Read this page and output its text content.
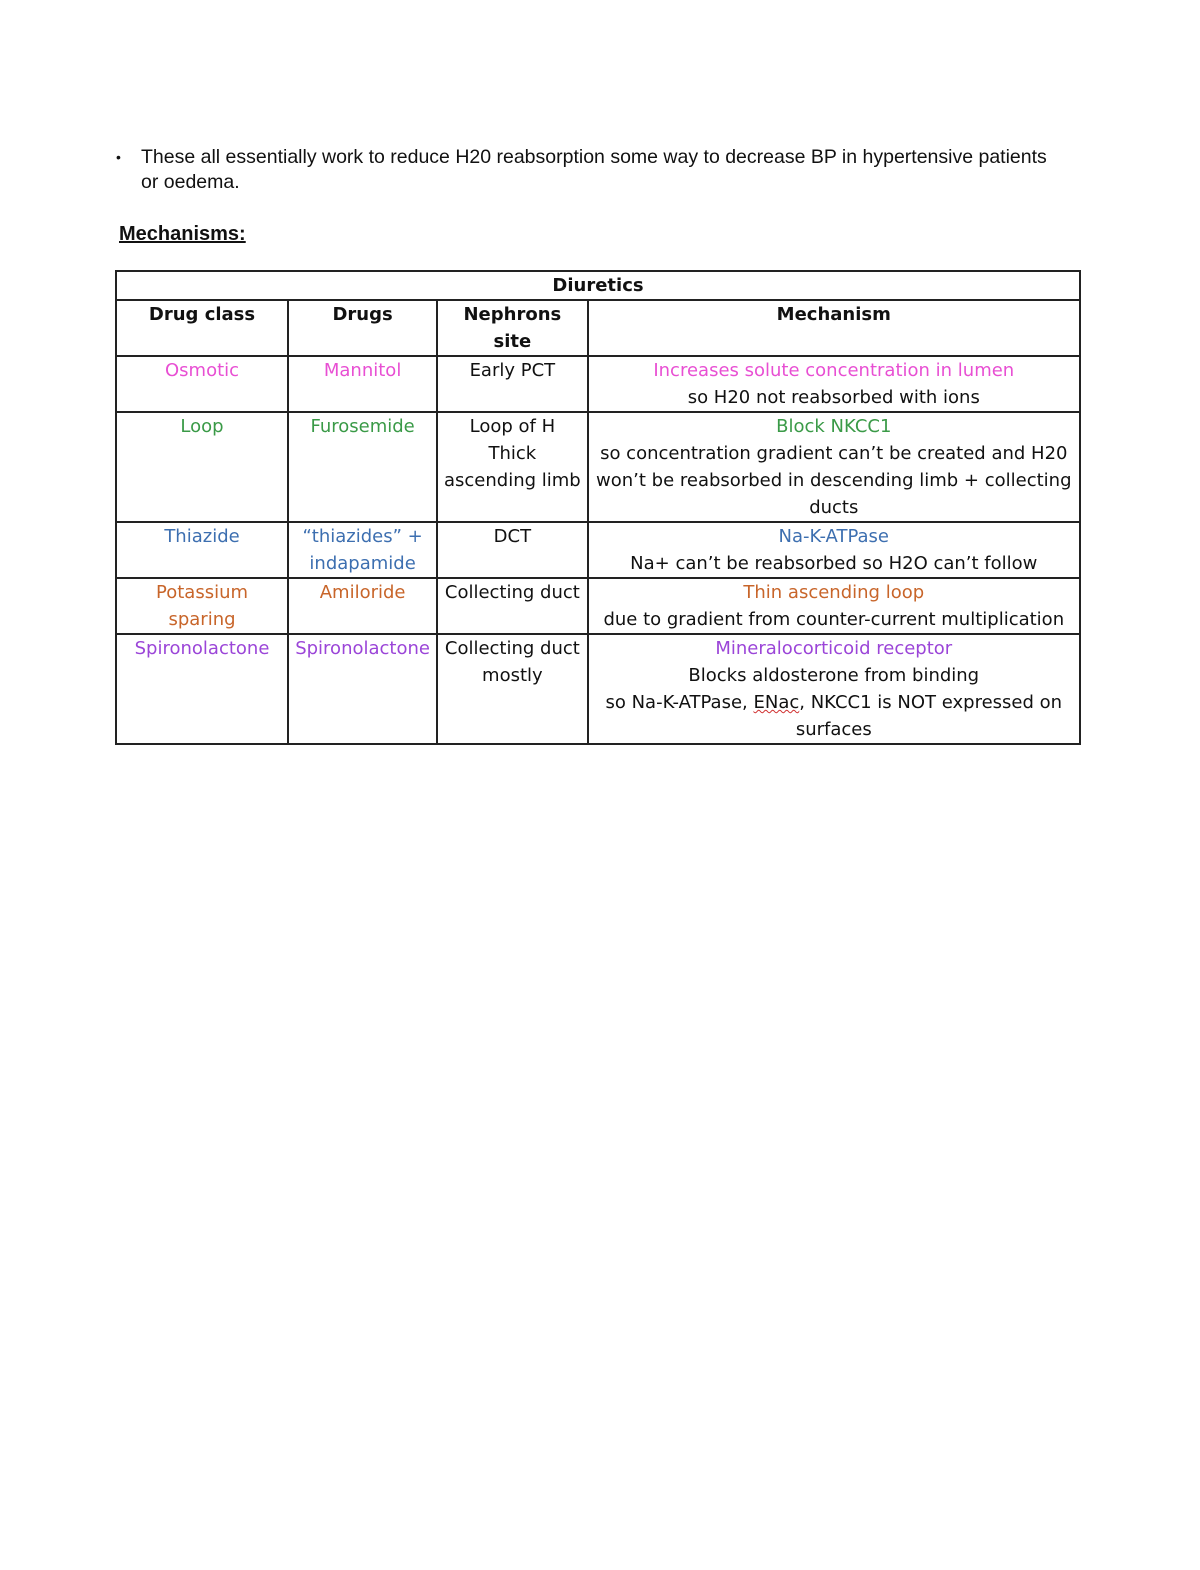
•	These all essentially work to reduce H20 reabsorption some way to decrease BP in hypertensive patients or oedema.
Mechanisms:
Diuretics			
Drug class	Drugs	Nephrons site	Mechanism

Osmotic	Mannitol	Early PCT	Increases solute concentration in lumen
so H20 not reabsorbed with ions

Loop	Furosemide	Loop of H
Thick
ascending limb	Block NKCC1
so concentration gradient can’t be created and H20 won’t be reabsorbed in descending limb + collecting ducts

Thiazide	“thiazides” +
indapamide	DCT	Na-K-ATPase
Na+ can’t be reabsorbed so H2O can’t follow

Potassium
sparing	Amiloride	Collecting duct	Thin ascending loop
due to gradient from counter-current multiplication

Spironolactone	Spironolactone	Collecting duct
mostly	Mineralocorticoid receptor
Blocks aldosterone from binding
so Na-K-ATPase, ENac, NKCC1 is NOT expressed on surfaces
